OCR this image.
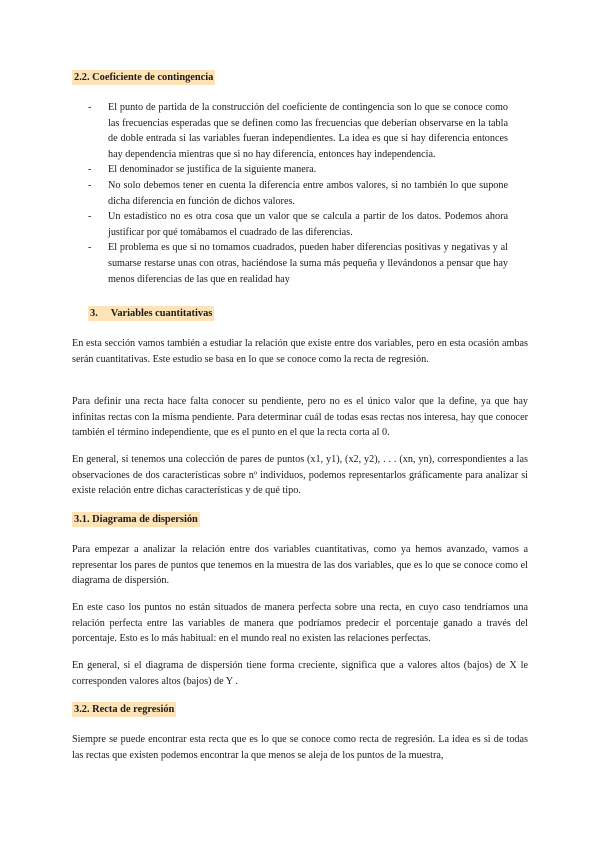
2.2. Coeficiente de contingencia
- El punto de partida de la construcción del coeficiente de contingencia son lo que se conoce como las frecuencias esperadas que se definen como las frecuencias que deberían observarse en la tabla de doble entrada si las variables fueran independientes. La idea es que si hay diferencia entonces hay dependencia mientras que si no hay diferencia, entonces hay independencia.
- El denominador se justifica de la siguiente manera.
- No solo debemos tener en cuenta la diferencia entre ambos valores, si no también lo que supone dicha diferencia en función de dichos valores.
- Un estadístico no es otra cosa que un valor que se calcula a partir de los datos. Podemos ahora justificar por qué tomábamos el cuadrado de las diferencias.
- El problema es que si no tomamos cuadrados, pueden haber diferencias positivas y negativas y al sumarse restarse unas con otras, haciéndose la suma más pequeña y llevándonos a pensar que hay menos diferencias de las que en realidad hay
3. Variables cuantitativas

En esta sección vamos también a estudiar la relación que existe entre dos variables, pero en esta ocasión ambas serán cuantitativas. Este estudio se basa en lo que se conoce como la recta de regresión.

Para definir una recta hace falta conocer su pendiente, pero no es el único valor que la define, ya que hay infinitas rectas con la misma pendiente. Para determinar cuál de todas esas rectas nos interesa, hay que conocer también el término independiente, que es el punto en el que la recta corta al 0.

En general, si tenemos una colección de pares de puntos (x1, y1), (x2, y2), . . . (xn, yn), correspondientes a las observaciones de dos características sobre nº individuos, podemos representarlos gráficamente para analizar si existe relación entre dichas características y de qué tipo.

3.1. Diagrama de dispersión

Para empezar a analizar la relación entre dos variables cuantitativas, como ya hemos avanzado, vamos a representar los pares de puntos que tenemos en la muestra de las dos variables, que es lo que se conoce como el diagrama de dispersión.

En este caso los puntos no están situados de manera perfecta sobre una recta, en cuyo caso tendríamos una relación perfecta entre las variables de manera que podríamos predecir el porcentaje ganado a través del porcentaje. Esto es lo más habitual: en el mundo real no existen las relaciones perfectas.

En general, si el diagrama de dispersión tiene forma creciente, significa que a valores altos (bajos) de X le corresponden valores altos (bajos) de Y .

3.2. Recta de regresión

Siempre se puede encontrar esta recta que es lo que se conoce como recta de regresión. La idea es si de todas las rectas que existen podemos encontrar la que menos se aleja de los puntos de la muestra,
